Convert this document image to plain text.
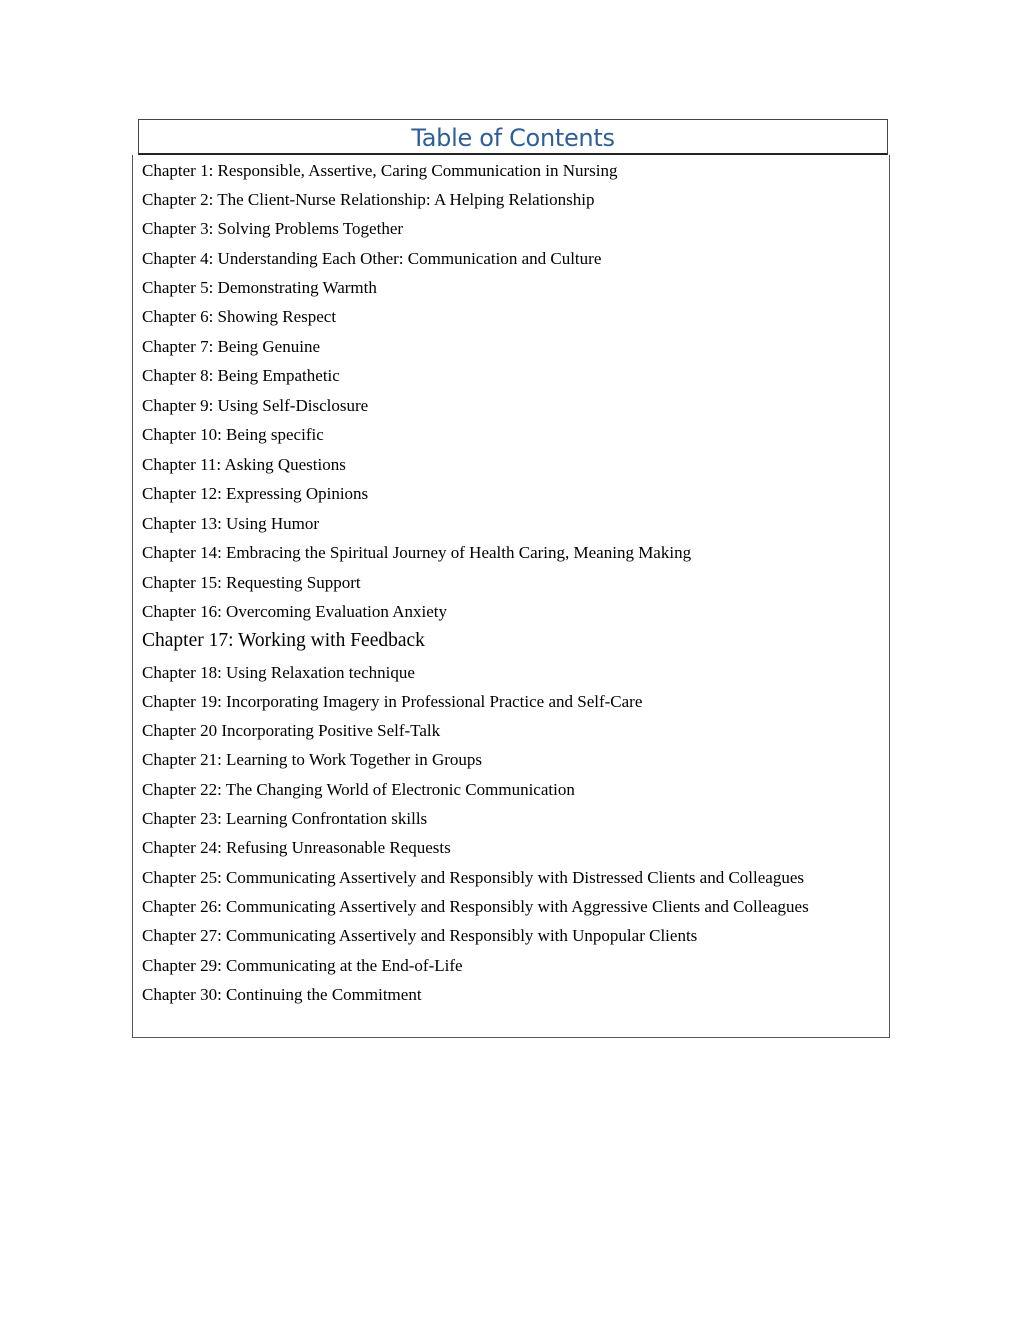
Table of Contents
Chapter 1: Responsible, Assertive, Caring Communication in Nursing
Chapter 2: The Client-Nurse Relationship: A Helping Relationship
Chapter 3: Solving Problems Together
Chapter 4: Understanding Each Other: Communication and Culture
Chapter 5: Demonstrating Warmth
Chapter 6: Showing Respect
Chapter 7: Being Genuine
Chapter 8: Being Empathetic
Chapter 9: Using Self-Disclosure
Chapter 10: Being specific
Chapter 11: Asking Questions
Chapter 12: Expressing Opinions
Chapter 13: Using Humor
Chapter 14: Embracing the Spiritual Journey of Health Caring, Meaning Making
Chapter 15: Requesting Support
Chapter 16: Overcoming Evaluation Anxiety
Chapter 17: Working with Feedback
Chapter 18: Using Relaxation technique
Chapter 19: Incorporating Imagery in Professional Practice and Self-Care
Chapter 20 Incorporating Positive Self-Talk
Chapter 21: Learning to Work Together in Groups
Chapter 22: The Changing World of Electronic Communication
Chapter 23: Learning Confrontation skills
Chapter 24: Refusing Unreasonable Requests
Chapter 25: Communicating Assertively and Responsibly with Distressed Clients and Colleagues
Chapter 26: Communicating Assertively and Responsibly with Aggressive Clients and Colleagues
Chapter 27: Communicating Assertively and Responsibly with Unpopular Clients
Chapter 29: Communicating at the End-of-Life
Chapter 30: Continuing the Commitment
